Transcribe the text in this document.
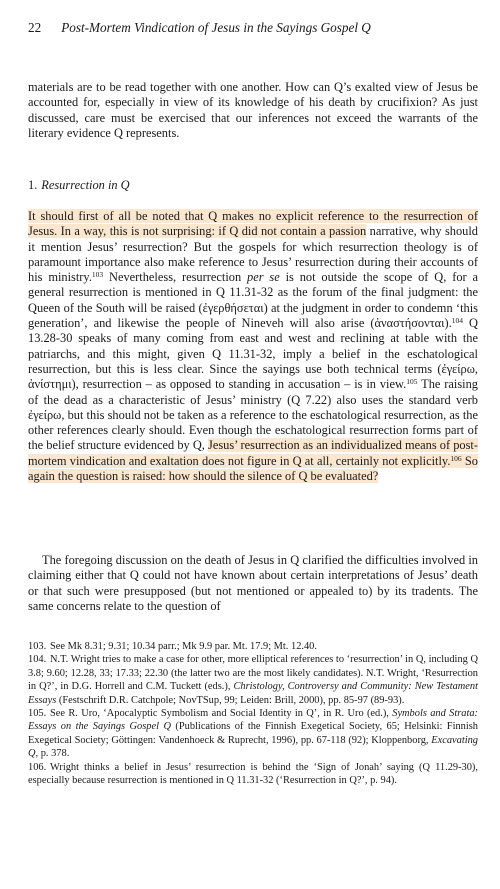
22 Post-Mortem Vindication of Jesus in the Sayings Gospel Q

materials are to be read together with one another. How can Q’s exalted view of Jesus be accounted for, especially in view of its knowledge of his death by crucifixion? As just discussed, care must be exercised that our inferences not exceed the warrants of the literary evidence Q represents.

1. Resurrection in Q

It should first of all be noted that Q makes no explicit reference to the resurrection of Jesus. In a way, this is not surprising: if Q did not contain a passion narrative, why should it mention Jesus’ resurrection? But the gospels for which resurrection theology is of paramount importance also make reference to Jesus’ resurrection during their accounts of his ministry.$^{103}$ Nevertheless, resurrection per se is not outside the scope of Q, for a general resurrection is mentioned in Q 11.31-32 as the forum of the final judgment: the Queen of the South will be raised (ἐγερθήσεται) at the judgment in order to condemn ‘this generation’, and likewise the people of Nineveh will also arise (ἀναστήσονται).$^{104}$ Q 13.28-30 speaks of many coming from east and west and reclining at table with the patriarchs, and this might, given Q 11.31-32, imply a belief in the eschatological resurrection, but this is less clear. Since the sayings use both technical terms (ἐγείρω, ἀνίστημι), resurrection – as opposed to standing in accusation – is in view.$^{105}$ The raising of the dead as a characteristic of Jesus’ ministry (Q 7.22) also uses the standard verb ἐγείρω, but this should not be taken as a reference to the eschatological resurrection, as the other references clearly should. Even though the eschatological resurrection forms part of the belief structure evidenced by Q, Jesus’ resurrection as an individualized means of post-mortem vindication and exaltation does not figure in Q at all, certainly not explicitly.$^{106}$ So again the question is raised: how should the silence of Q be evaluated?

The foregoing discussion on the death of Jesus in Q clarified the difficulties involved in claiming either that Q could not have known about certain interpretations of Jesus’ death or that such were presupposed (but not mentioned or appealed to) by its tradents. The same concerns relate to the question of

103. See Mk 8.31; 9.31; 10.34 parr.; Mk 9.9 par. Mt. 17.9; Mt. 12.40.

104. N.T. Wright tries to make a case for other, more elliptical references to ‘resurrection’ in Q, including Q 3.8; 9.60; 12.28, 33; 17.33; 22.30 (the latter two are the most likely candidates). N.T. Wright, ‘Resurrection in Q?’, in D.G. Horrell and C.M. Tuckett (eds.), Christology, Controversy and Community: New Testament Essays (Festschrift D.R. Catchpole; NovTSup, 99; Leiden: Brill, 2000), pp. 85-97 (89-93).

105. See R. Uro, ‘Apocalyptic Symbolism and Social Identity in Q’, in R. Uro (ed.), Symbols and Strata: Essays on the Sayings Gospel Q (Publications of the Finnish Exegetical Society, 65; Helsinki: Finnish Exegetical Society; Göttingen: Vandenhoeck & Ruprecht, 1996), pp. 67-118 (92); Kloppenborg, Excavating Q, p. 378.

106. Wright thinks a belief in Jesus’ resurrection is behind the ‘Sign of Jonah’ saying (Q 11.29-30), especially because resurrection is mentioned in Q 11.31-32 (‘Resurrection in Q?’, p. 94).
